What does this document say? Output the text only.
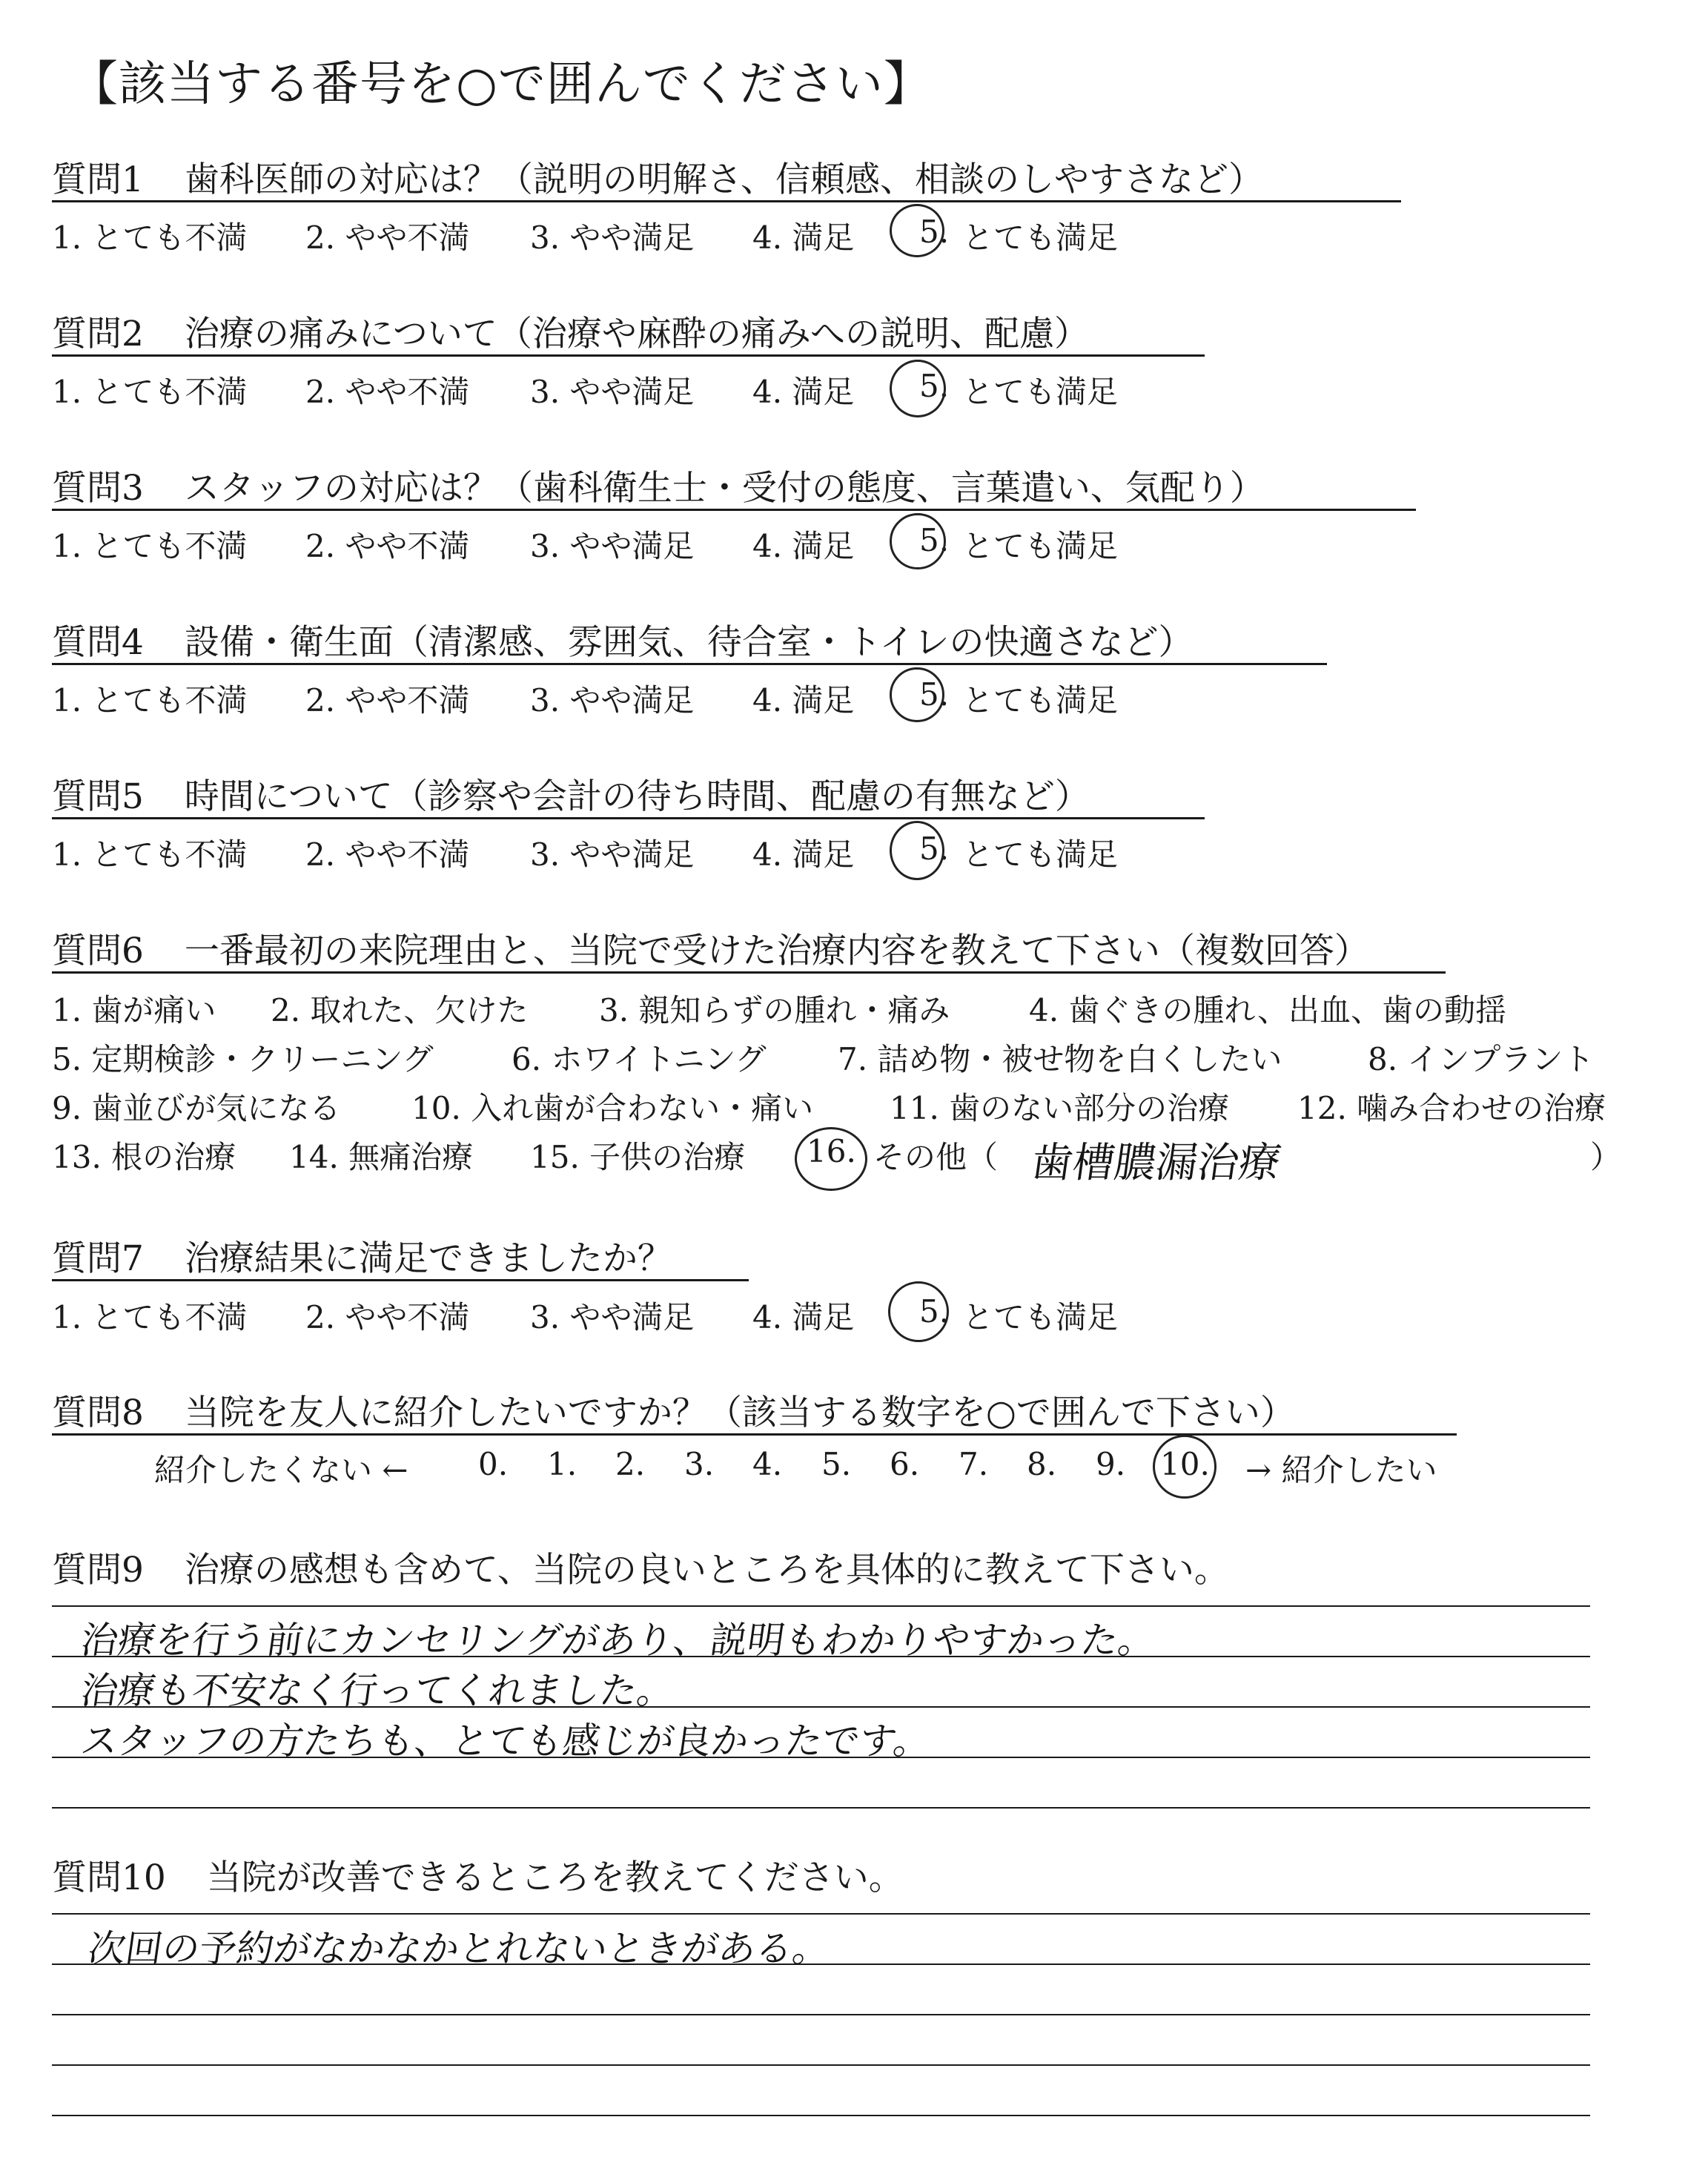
【該当する番号を○で囲んでください】
質問1 歯科医師の対応は？（説明の明解さ、信頼感、相談のしやすさなど）
1. とても不満 2. やや不満 3. やや満足 4. 満足 5. とても満足
質問2 治療の痛みについて（治療や麻酔の痛みへの説明、配慮）
1. とても不満 2. やや不満 3. やや満足 4. 満足 5. とても満足
質問3 スタッフの対応は？（歯科衛生士・受付の態度、言葉遣い、気配り）
1. とても不満 2. やや不満 3. やや満足 4. 満足 5. とても満足
質問4 設備・衛生面（清潔感、雰囲気、待合室・トイレの快適さなど）
1. とても不満 2. やや不満 3. やや満足 4. 満足 5. とても満足
質問5 時間について（診察や会計の待ち時間、配慮の有無など）
1. とても不満 2. やや不満 3. やや満足 4. 満足 5. とても満足
質問6 一番最初の来院理由と、当院で受けた治療内容を教えて下さい（複数回答）
1. 歯が痛い 2. 取れた、欠けた 3. 親知らずの腫れ・痛み	4. 歯ぐきの腫れ、出血、歯の動揺
5. 定期検診・クリーニング	6. ホワイトニング 7. 詰め物・被せ物を白くしたい	8. インプラント
9. 歯並びが気になる 10. 入れ歯が合わない・痛い 11. 歯のない部分の治療 12. 噛み合わせの治療
13. 根の治療 14. 無痛治療 15. 子供の治療 16. その他（	）
歯槽膿漏治療
質問7 治療結果に満足できましたか？
1. とても不満 2. やや不満 3. やや満足 4. 満足 5. とても満足
質問8 当院を友人に紹介したいですか？（該当する数字を○で囲んで下さい）
紹介したくない ← 0. 1. 2. 3. 4. 5. 6. 7. 8. 9. 10. → 紹介したい
質問9 治療の感想も含めて、当院の良いところを具体的に教えて下さい。
治療を行う前にカンセリングがあり、説明もわかりやすかった。
治療も不安なく行ってくれました。
スタッフの方たちも、とても感じが良かったです。
質問10 当院が改善できるところを教えてください。
次回の予約がなかなかとれないときがある。
